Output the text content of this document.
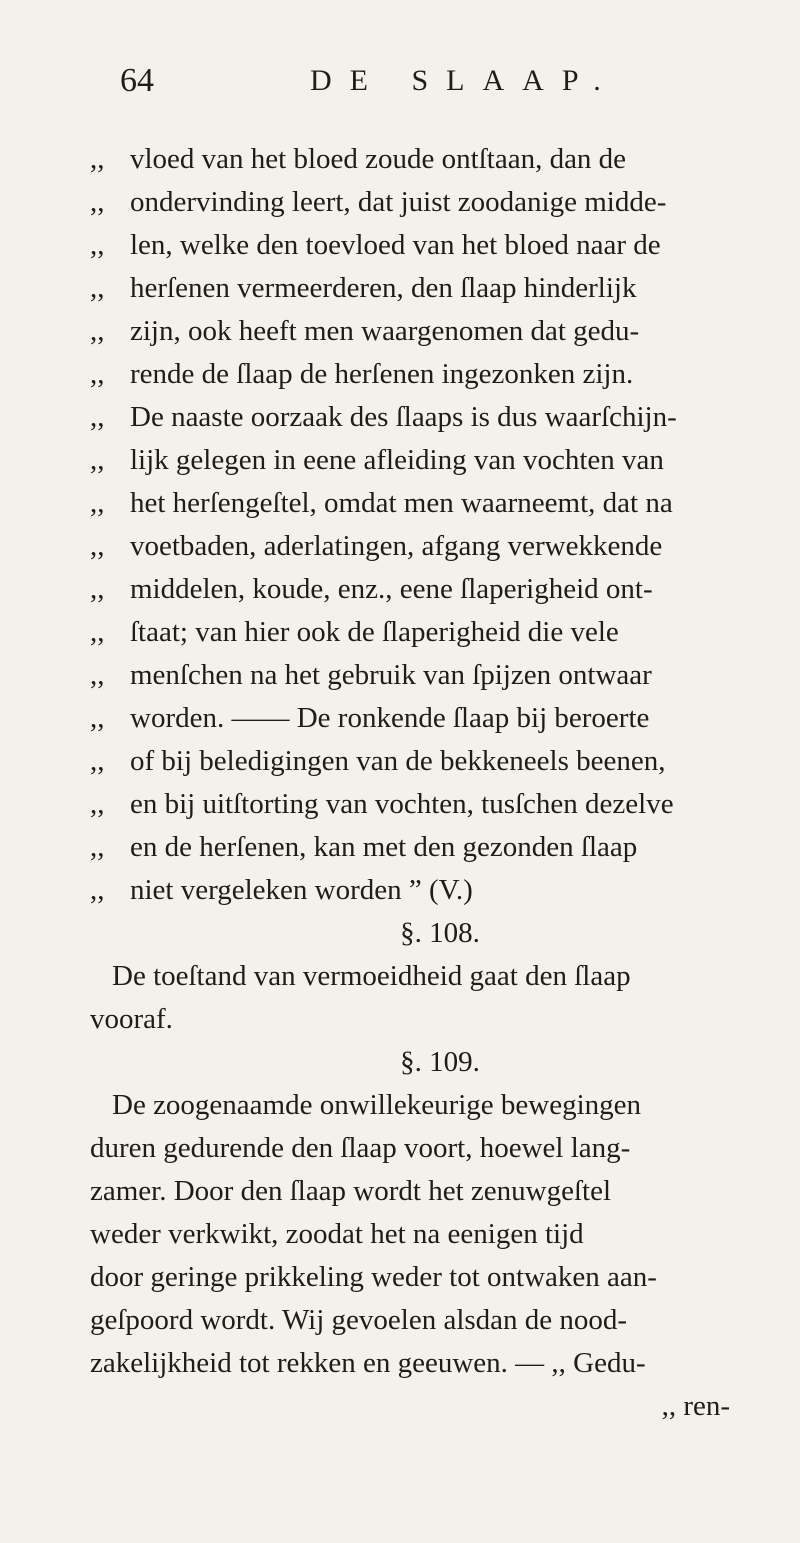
64	DE SLAAP.
,, vloed van het bloed zoude ontſtaan, dan de
,, ondervinding leert, dat juist zoodanige midde-
,, len, welke den toevloed van het bloed naar de
,, herſenen vermeerderen, den ſlaap hinderlijk
,, zijn, ook heeft men waargenomen dat gedu-
,, rende de ſlaap de herſenen ingezonken zijn.
,, De naaste oorzaak des ſlaaps is dus waarſchijn-
,, lijk gelegen in eene afleiding van vochten van
,, het herſengeſtel, omdat men waarneemt, dat na
,, voetbaden, aderlatingen, afgang verwekkende
,, middelen, koude, enz., eene ſlaperigheid ont-
,, ſtaat; van hier ook de ſlaperigheid die vele
,, menſchen na het gebruik van ſpijzen ontwaar
,, worden. —— De ronkende ſlaap bij beroerte
,, of bij beledigingen van de bekkeneels beenen,
,, en bij uitſtorting van vochten, tusſchen dezelve
,, en de herſenen, kan met den gezonden ſlaap
,, niet vergeleken worden ” (V.)
§. 108.
De toeſtand van vermoeidheid gaat den ſlaap
vooraf.
§. 109.
De zoogenaamde onwillekeurige bewegingen
duren gedurende den ſlaap voort, hoewel lang-
zamer. Door den ſlaap wordt het zenuwgeſtel
weder verkwikt, zoodat het na eenigen tijd
door geringe prikkeling weder tot ontwaken aan-
geſpoord wordt. Wij gevoelen alsdan de nood-
zakelijkheid tot rekken en geeuwen. — ,, Gedu-
,, ren-
